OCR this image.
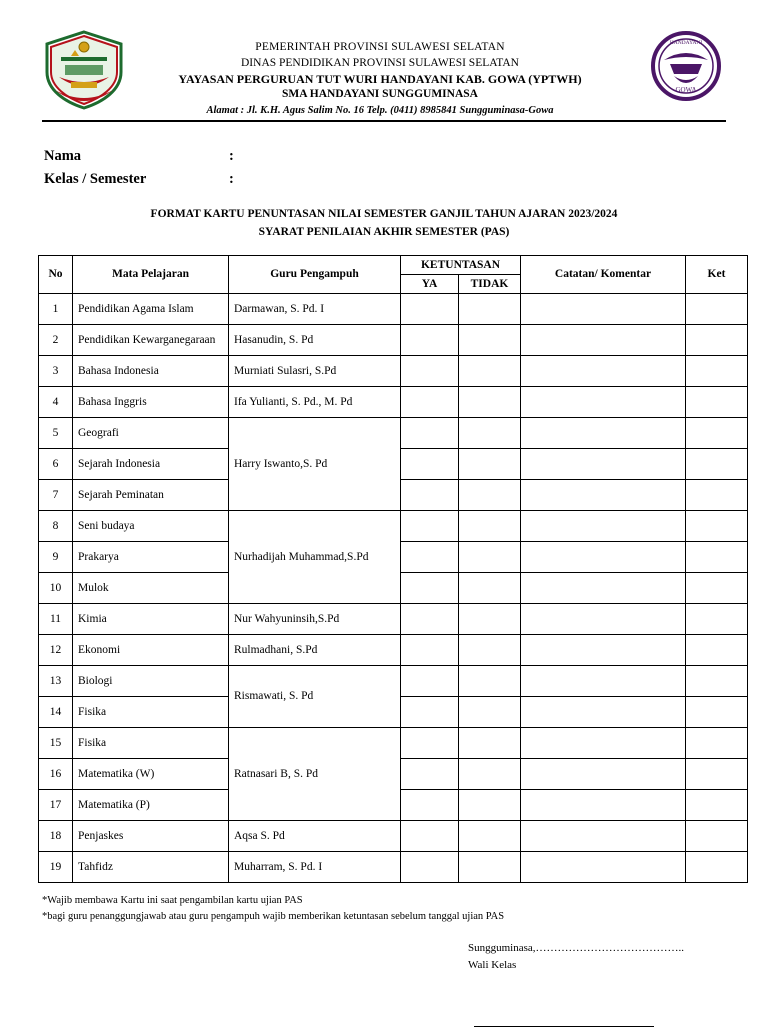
PEMERINTAH PROVINSI SULAWESI SELATAN
DINAS PENDIDIKAN PROVINSI SULAWESI SELATAN
YAYASAN PERGURUAN TUT WURI HANDAYANI KAB. GOWA (YPTWH)
SMA HANDAYANI SUNGGUMINASA
Alamat : Jl. K.H. Agus Salim No. 16 Telp. (0411) 8985841 Sungguminasa-Gowa
GOWA
HANDAYANI
Nama	:
Kelas / Semester	:
FORMAT KARTU PENUNTASAN NILAI SEMESTER GANJIL TAHUN AJARAN 2023/2024
SYARAT PENILAIAN AKHIR SEMESTER (PAS)
No	Mata Pelajaran	Guru Pengampuh	KETUNTASAN		Catatan/ Komentar	Ket
			YA	TIDAK		
1	Pendidikan Agama Islam	Darmawan, S. Pd. I				
2	Pendidikan Kewarganegaraan	Hasanudin, S. Pd				
3	Bahasa Indonesia	Murniati Sulasri, S.Pd				
4	Bahasa Inggris	Ifa Yulianti, S. Pd., M. Pd				
5	Geografi	Harry Iswanto,S. Pd				
6	Sejarah Indonesia					
7	Sejarah Peminatan					
8	Seni budaya	Nurhadijah Muhammad,S.Pd				
9	Prakarya					
10	Mulok					
11	Kimia	Nur Wahyuninsih,S.Pd				
12	Ekonomi	Rulmadhani, S.Pd				
13	Biologi	Rismawati, S. Pd				
14	Fisika					
15	Fisika	Ratnasari B, S. Pd				
16	Matematika (W)					
17	Matematika (P)					
18	Penjaskes	Aqsa S. Pd				
19	Tahfidz	Muharram, S. Pd. I				
*Wajib membawa Kartu ini saat pengambilan kartu ujian PAS
*bagi guru penanggungjawab atau guru pengampuh wajib memberikan ketuntasan sebelum tanggal ujian PAS
Sungguminasa,…………………………………..
Wali Kelas
